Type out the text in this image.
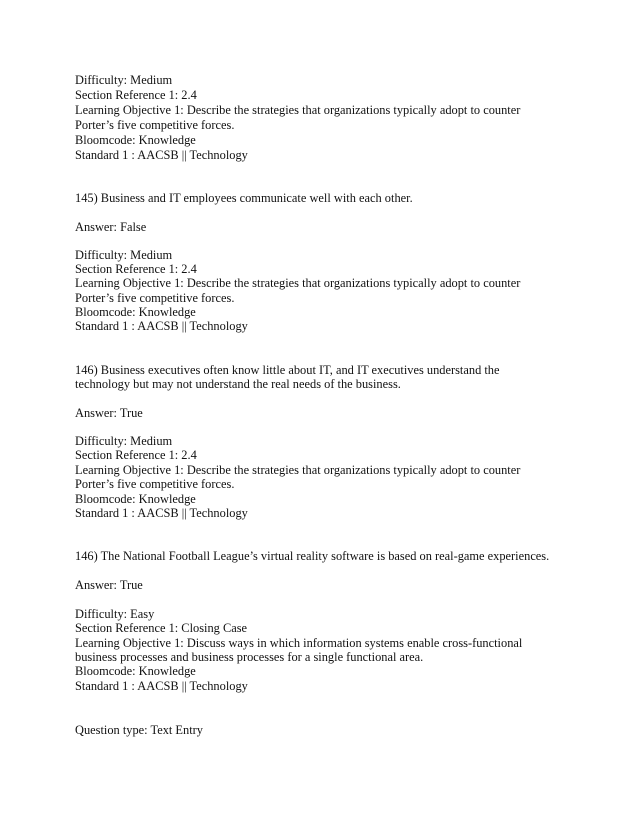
Difficulty: Medium
Section Reference 1: 2.4
Learning Objective 1: Describe the strategies that organizations typically adopt to counter
Porter’s five competitive forces.
Bloomcode: Knowledge
Standard 1 : AACSB || Technology
145) Business and IT employees communicate well with each other.
Answer: False
Difficulty: Medium
Section Reference 1: 2.4
Learning Objective 1: Describe the strategies that organizations typically adopt to counter
Porter’s five competitive forces.
Bloomcode: Knowledge
Standard 1 : AACSB || Technology
146) Business executives often know little about IT, and IT executives understand the
technology but may not understand the real needs of the business.
Answer: True
Difficulty: Medium
Section Reference 1: 2.4
Learning Objective 1: Describe the strategies that organizations typically adopt to counter
Porter’s five competitive forces.
Bloomcode: Knowledge
Standard 1 : AACSB || Technology
146) The National Football League’s virtual reality software is based on real-game experiences.
Answer: True
Difficulty: Easy
Section Reference 1: Closing Case
Learning Objective 1: Discuss ways in which information systems enable cross-functional
business processes and business processes for a single functional area.
Bloomcode: Knowledge
Standard 1 : AACSB || Technology
Question type: Text Entry
